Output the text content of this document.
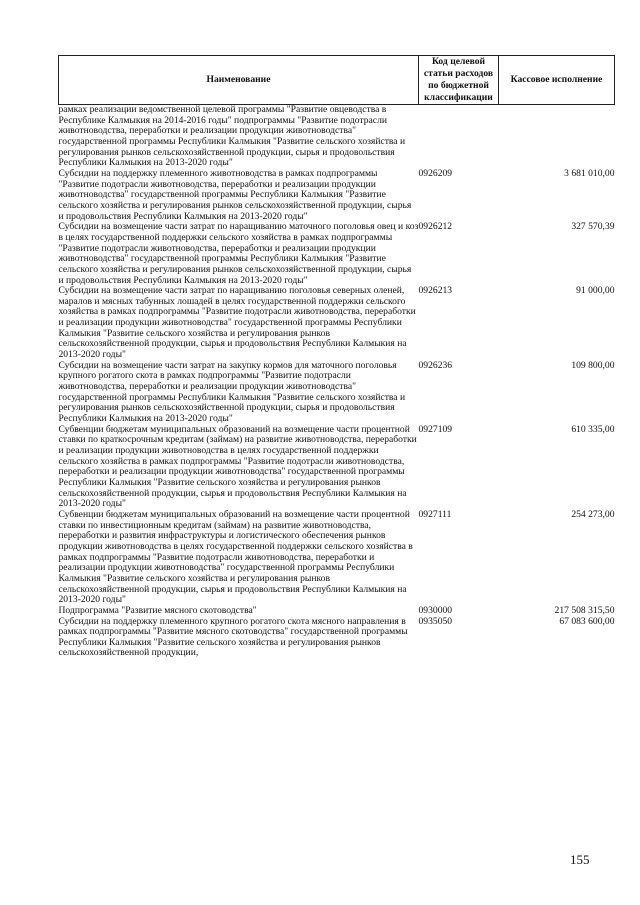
Наименование	Код целевой статьи расходов по бюджетной классификации	Кассовое исполнение
рамках реализации ведомственной целевой программы "Развитие овцеводства в Республике Калмыкия на 2014-2016 годы" подпрограммы "Развитие подотрасли животноводства, переработки и реализации продукции животноводства" государственной программы Республики Калмыкия "Развитие сельского хозяйства и регулирования рынков сельскохозяйственной продукции, сырья и продовольствия Республики Калмыкия на 2013-2020 годы"		
Субсидии на поддержку племенного животноводства в рамках подпрограммы "Развитие подотрасли животноводства, переработки и реализации продукции животноводства" государственной программы Республики Калмыкия "Развитие сельского хозяйства и регулирования рынков сельскохозяйственной продукции, сырья и продовольствия Республики Калмыкия на 2013-2020 годы"	0926209	3 681 010,00
Субсидии на возмещение части затрат по наращиванию маточного поголовья овец и коз в целях государственной поддержки сельского хозяйства в рамках подпрограммы "Развитие подотрасли животноводства, переработки и реализации продукции животноводства" государственной программы Республики Калмыкия "Развитие сельского хозяйства и регулирования рынков сельскохозяйственной продукции, сырья и продовольствия Республики Калмыкия на 2013-2020 годы"	0926212	327 570,39
Субсидии на возмещение части затрат по наращиванию поголовья северных оленей, маралов и мясных табунных лошадей в целях государственной поддержки сельского хозяйства в рамках подпрограммы "Развитие подотрасли животноводства, переработки и реализации продукции животноводства" государственной программы Республики Калмыкия "Развитие сельского хозяйства и регулирования рынков сельскохозяйственной продукции, сырья и продовольствия Республики Калмыкия на 2013-2020 годы"	0926213	91 000,00
Субсидии на возмещение части затрат на закупку кормов для маточного поголовья крупного рогатого скота в рамках подпрограммы "Развитие подотрасли животноводства, переработки и реализации продукции животноводства" государственной программы Республики Калмыкия "Развитие сельского хозяйства и регулирования рынков сельскохозяйственной продукции, сырья и продовольствия Республики Калмыкия на 2013-2020 годы"	0926236	109 800,00
Субвенции бюджетам муниципальных образований на возмещение части процентной ставки по краткосрочным кредитам (займам) на развитие животноводства, переработки и реализации продукции животноводства в целях государственной поддержки сельского хозяйства в рамках подпрограммы "Развитие подотрасли животноводства, переработки и реализации продукции животноводства" государственной программы Республики Калмыкия "Развитие сельского хозяйства и регулирования рынков сельскохозяйственной продукции, сырья и продовольствия Республики Калмыкия на 2013-2020 годы"	0927109	610 335,00
Субвенции бюджетам муниципальных образований на возмещение части процентной ставки по инвестиционным кредитам (займам) на развитие животноводства, переработки и развития инфраструктуры и логистического обеспечения рынков продукции животноводства в целях государственной поддержки сельского хозяйства в рамках подпрограммы "Развитие подотрасли животноводства, переработки и реализации продукции животноводства" государственной программы Республики Калмыкия "Развитие сельского хозяйства и регулирования рынков сельскохозяйственной продукции, сырья и продовольствия Республики Калмыкия на 2013-2020 годы"	0927111	254 273,00
Подпрограмма "Развитие мясного скотоводства"	0930000	217 508 315,50
Субсидии на поддержку племенного крупного рогатого скота мясного направления в рамках подпрограммы "Развитие мясного скотоводства" государственной программы Республики Калмыкия "Развитие сельского хозяйства и регулирования рынков сельскохозяйственной продукции,	0935050	67 083 600,00
155
